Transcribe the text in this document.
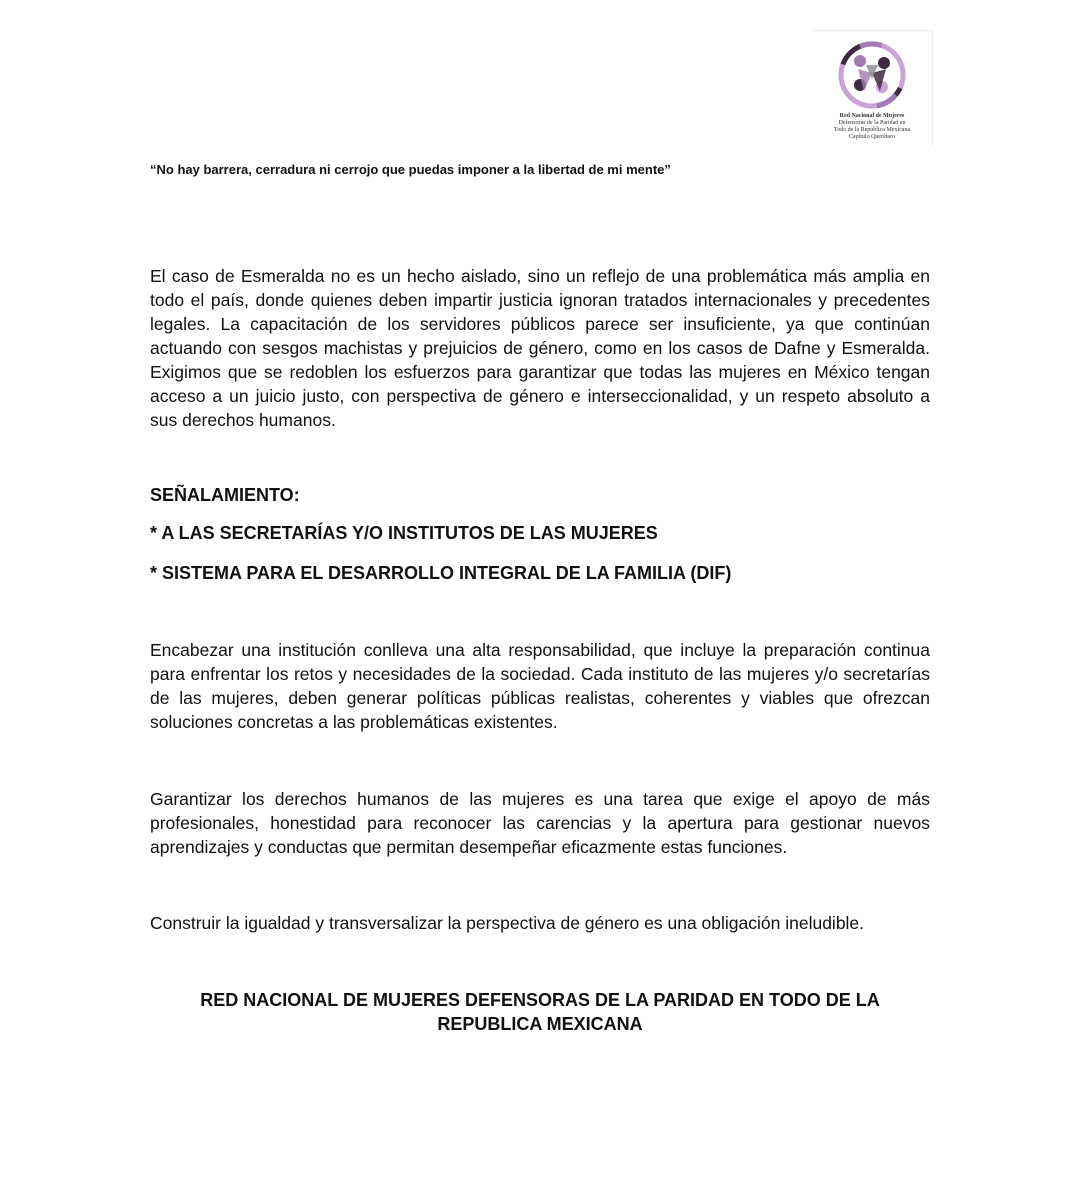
Red Nacional de Mujeres
Defensoras de la Paridad en
Todo de la República Mexicana
Capítulo Querétaro
“No hay barrera, cerradura ni cerrojo que puedas imponer a la libertad de mi mente”

El caso de Esmeralda no es un hecho aislado, sino un reflejo de una problemática más amplia en todo el país, donde quienes deben impartir justicia ignoran tratados internacionales y precedentes legales. La capacitación de los servidores públicos parece ser insuficiente, ya que continúan actuando con sesgos machistas y prejuicios de género, como en los casos de Dafne y Esmeralda. Exigimos que se redoblen los esfuerzos para garantizar que todas las mujeres en México tengan acceso a un juicio justo, con perspectiva de género e interseccionalidad, y un respeto absoluto a sus derechos humanos.

SEÑALAMIENTO:

* A LAS SECRETARÍAS Y/O INSTITUTOS DE LAS MUJERES

* SISTEMA PARA EL DESARROLLO INTEGRAL DE LA FAMILIA (DIF)

Encabezar una institución conlleva una alta responsabilidad, que incluye la preparación continua para enfrentar los retos y necesidades de la sociedad. Cada instituto de las mujeres y/o secretarías de las mujeres, deben generar políticas públicas realistas, coherentes y viables que ofrezcan soluciones concretas a las problemáticas existentes.

Garantizar los derechos humanos de las mujeres es una tarea que exige el apoyo de más profesionales, honestidad para reconocer las carencias y la apertura para gestionar nuevos aprendizajes y conductas que permitan desempeñar eficazmente estas funciones.

Construir la igualdad y transversalizar la perspectiva de género es una obligación ineludible.

RED NACIONAL DE MUJERES DEFENSORAS DE LA PARIDAD EN TODO DE LA
REPUBLICA MEXICANA
